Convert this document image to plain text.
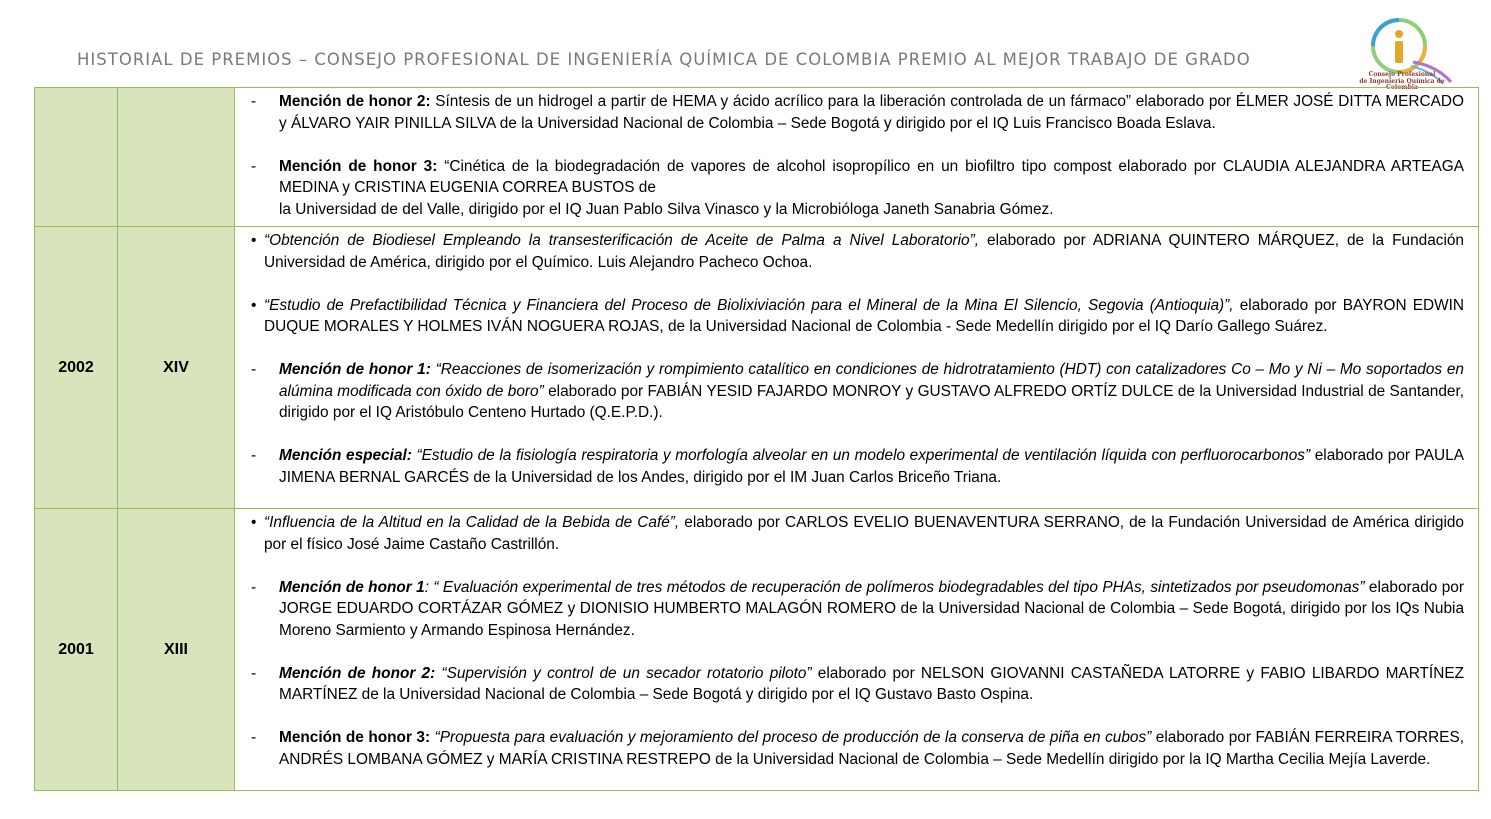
HISTORIAL DE PREMIOS – CONSEJO PROFESIONAL DE INGENIERÍA QUÍMICA DE COLOMBIA PREMIO AL MEJOR TRABAJO DE GRADO
Consejo Profesional
de Ingeniería Química de Colombia

		- Mención de honor 2: Síntesis de un hidrogel a partir de HEMA y ácido acrílico para la liberación controlada de un fármaco” elaborado por ÉLMER JOSÉ DITTA MERCADO y ÁLVARO YAIR PINILLA SILVA de la Universidad Nacional de Colombia – Sede Bogotá y dirigido por el IQ Luis Francisco Boada Eslava.
- Mención de honor 3: “Cinética de la biodegradación de vapores de alcohol isopropílico en un biofiltro tipo compost elaborado por CLAUDIA ALEJANDRA ARTEAGA MEDINA y CRISTINA EUGENIA CORREA BUSTOS de
la Universidad de del Valle, dirigido por el IQ Juan Pablo Silva Vinasco y la Microbióloga Janeth Sanabria Gómez.

2002	XIV	• “Obtención de Biodiesel Empleando la transesterificación de Aceite de Palma a Nivel Laboratorio”, elaborado por ADRIANA QUINTERO MÁRQUEZ, de la Fundación Universidad de América, dirigido por el Químico. Luis Alejandro Pacheco Ochoa.
• “Estudio de Prefactibilidad Técnica y Financiera del Proceso de Biolixiviación para el Mineral de la Mina El Silencio, Segovia (Antioquia)”, elaborado por BAYRON EDWIN DUQUE MORALES Y HOLMES IVÁN NOGUERA ROJAS, de la Universidad Nacional de Colombia - Sede Medellín dirigido por el IQ Darío Gallego Suárez.
- Mención de honor 1: “Reacciones de isomerización y rompimiento catalítico en condiciones de hidrotratamiento (HDT) con catalizadores Co – Mo y Ni – Mo soportados en alúmina modificada con óxido de boro” elaborado por FABIÁN YESID FAJARDO MONROY y GUSTAVO ALFREDO ORTÍZ DULCE de la Universidad Industrial de Santander, dirigido por el IQ Aristóbulo Centeno Hurtado (Q.E.P.D.).
- Mención especial: “Estudio de la fisiología respiratoria y morfología alveolar en un modelo experimental de ventilación líquida con perfluorocarbonos” elaborado por PAULA JIMENA BERNAL GARCÉS de la Universidad de los Andes, dirigido por el IM Juan Carlos Briceño Triana.

2001	XIII	• “Influencia de la Altitud en la Calidad de la Bebida de Café”, elaborado por CARLOS EVELIO BUENAVENTURA SERRANO, de la Fundación Universidad de América dirigido por el físico José Jaime Castaño Castrillón.
- Mención de honor 1: “ Evaluación experimental de tres métodos de recuperación de polímeros biodegradables del tipo PHAs, sintetizados por pseudomonas” elaborado por JORGE EDUARDO CORTÁZAR GÓMEZ y DIONISIO HUMBERTO MALAGÓN ROMERO de la Universidad Nacional de Colombia – Sede Bogotá, dirigido por los IQs Nubia Moreno Sarmiento y Armando Espinosa Hernández.
- Mención de honor 2: “Supervisión y control de un secador rotatorio piloto” elaborado por NELSON GIOVANNI CASTAÑEDA LATORRE y FABIO LIBARDO MARTÍNEZ MARTÍNEZ de la Universidad Nacional de Colombia – Sede Bogotá y dirigido por el IQ Gustavo Basto Ospina.
- Mención de honor 3: “Propuesta para evaluación y mejoramiento del proceso de producción de la conserva de piña en cubos” elaborado por FABIÁN FERREIRA TORRES, ANDRÉS LOMBANA GÓMEZ y MARÍA CRISTINA RESTREPO de la Universidad Nacional de Colombia – Sede Medellín dirigido por la IQ Martha Cecilia Mejía Laverde.
